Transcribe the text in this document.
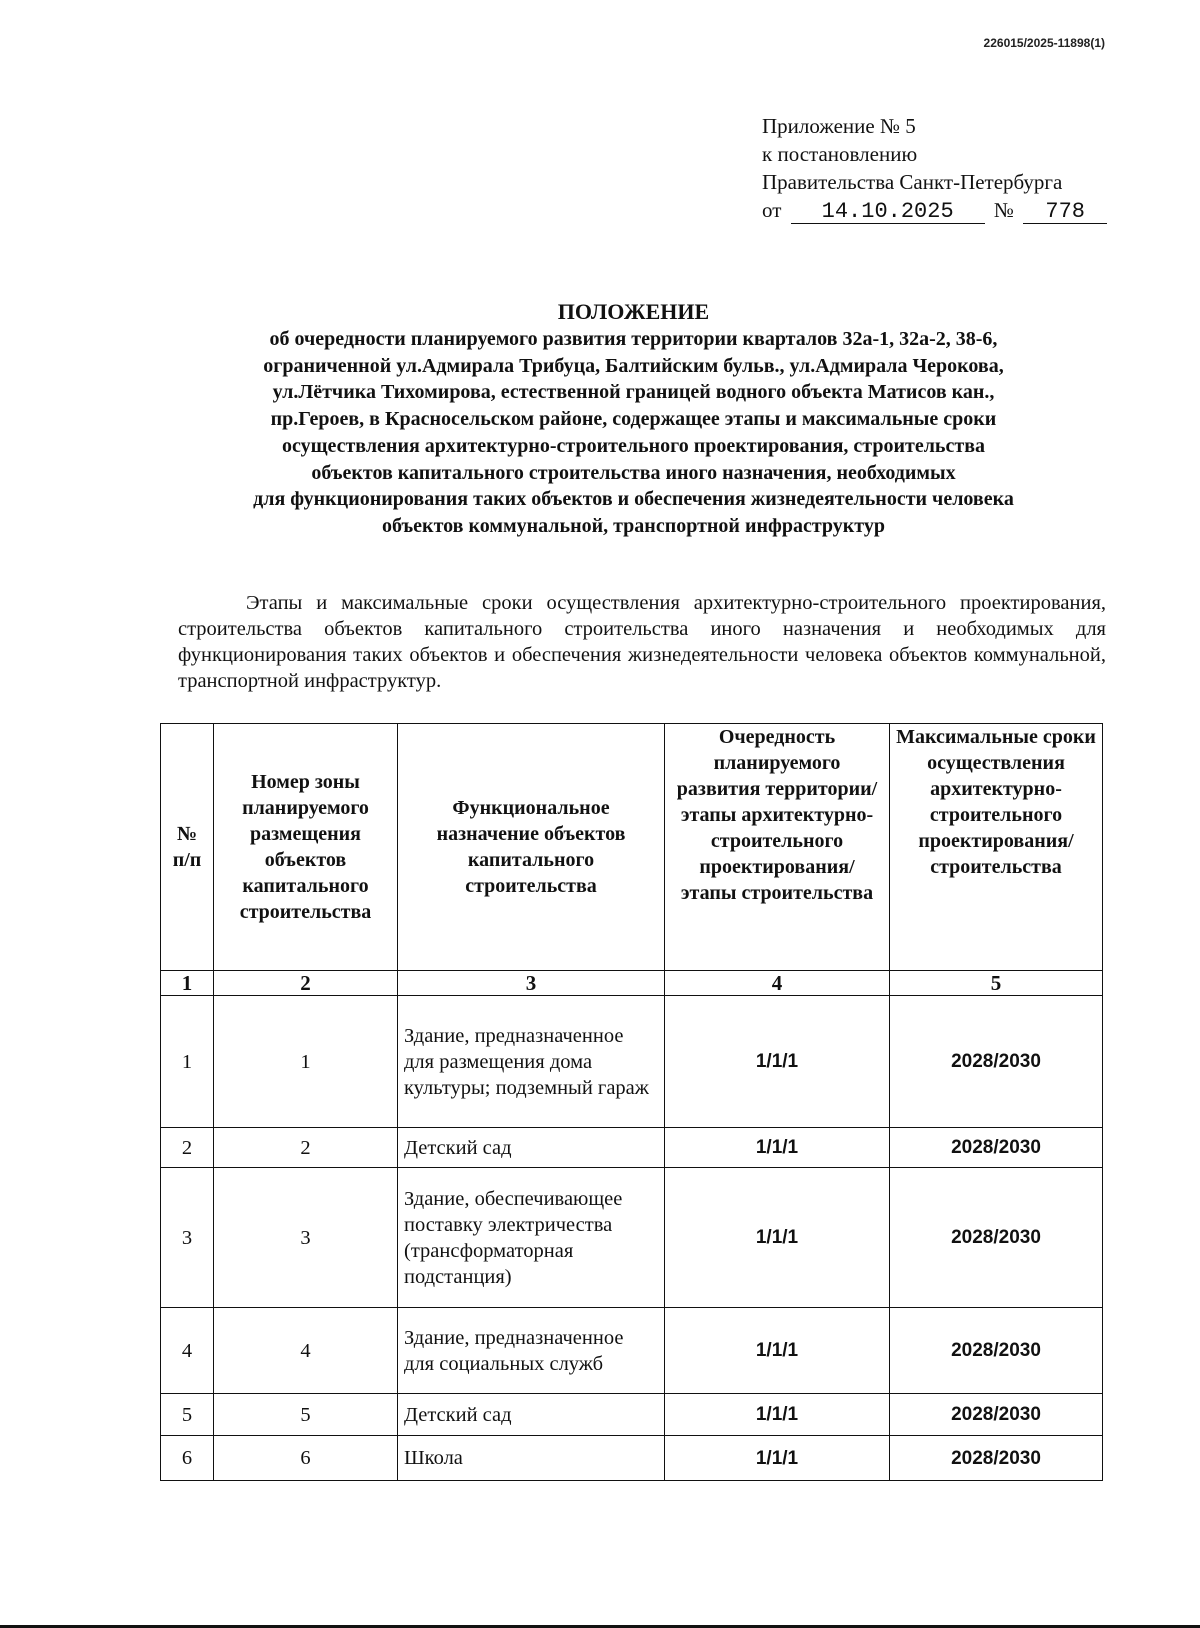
226015/2025-11898(1)
Приложение № 5
к постановлению
Правительства Санкт-Петербурга
от 14.10.2025 № 778
ПОЛОЖЕНИЕ
об очередности планируемого развития территории кварталов 32а-1, 32а-2, 38-6,
ограниченной ул.Адмирала Трибуца, Балтийским бульв., ул.Адмирала Черокова,
ул.Лётчика Тихомирова, естественной границей водного объекта Матисов кан.,
пр.Героев, в Красносельском районе, содержащее этапы и максимальные сроки
осуществления архитектурно-строительного проектирования, строительства
объектов капитального строительства иного назначения, необходимых
для функционирования таких объектов и обеспечения жизнедеятельности человека
объектов коммунальной, транспортной инфраструктур
Этапы и максимальные сроки осуществления архитектурно-строительного проектирования, строительства объектов капитального строительства иного назначения и необходимых для функционирования таких объектов и обеспечения жизнедеятельности человека объектов коммунальной, транспортной инфраструктур.
№ п/п	Номер зоны планируемого размещения объектов капитального строительства	Функциональное назначение объектов капитального строительства	Очередность планируемого развития территории/этапы архитектурно-строительного проектирования/ этапы строительства	Максимальные сроки осуществления архитектурно-строительного проектирования/ строительства
1	2	3	4	5
1	1	Здание, предназначенное для размещения дома культуры; подземный гараж	1/1/1	2028/2030
2	2	Детский сад	1/1/1	2028/2030
3	3	Здание, обеспечивающее поставку электричества (трансформаторная подстанция)	1/1/1	2028/2030
4	4	Здание, предназначенное для социальных служб	1/1/1	2028/2030
5	5	Детский сад	1/1/1	2028/2030
6	6	Школа	1/1/1	2028/2030
